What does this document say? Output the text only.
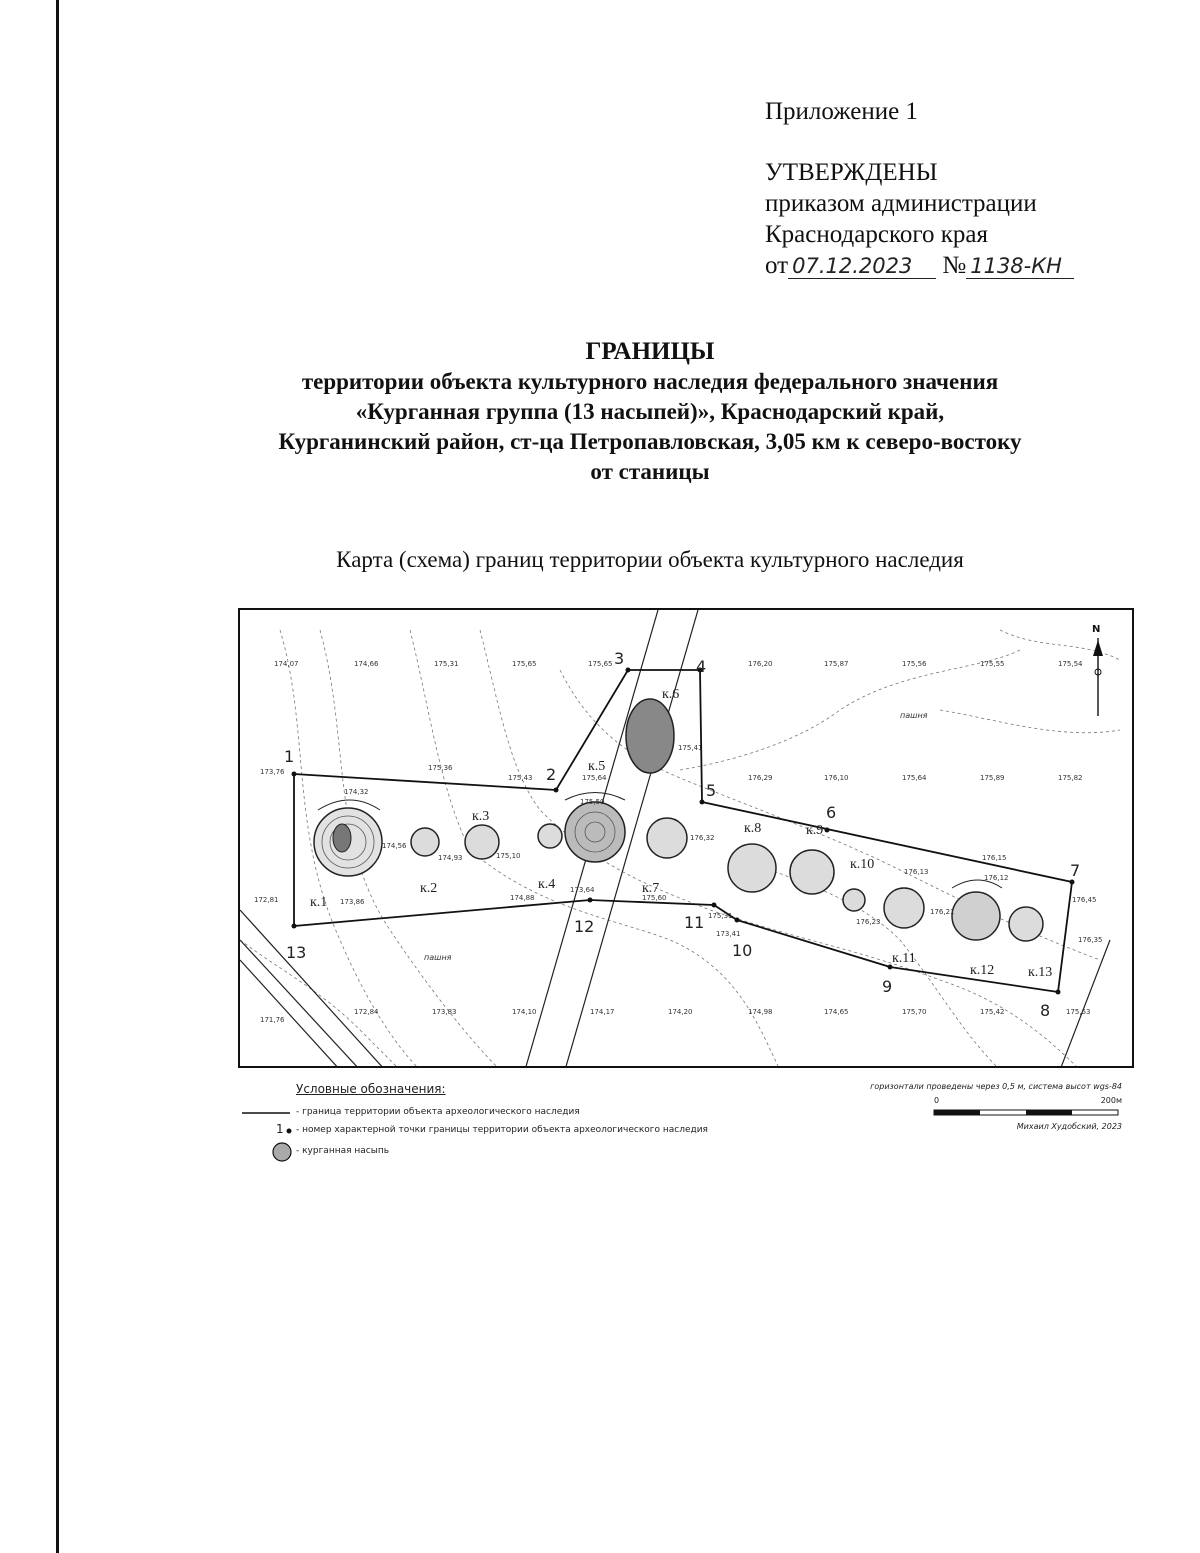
Приложение 1
УТВЕРЖДЕНЫ
приказом администрации
Краснодарского края
от 07.12.2023 № 1138-КН
ГРАНИЦЫ
территории объекта культурного наследия федерального значения
«Курганная группа (13 насыпей)», Краснодарский край,
Курганинский район, ст-ца Петропавловская, 3,05 км к северо-востоку
от станицы
Карта (схема) границ территории объекта культурного наследия
1
2
3	4
5
6
7
8
9
10
11
12
13
к.1
к.2
к.3
к.4
к.5
к.6
к.7
к.8	к.9
к.10
к.11
к.12 к.13
174,07	174,66	175,31	175,65	175,65	176,20	175,87	175,56	175,55	175,54
173,76	175,36
175,43	175,64
175,41
176,29	176,10	175,64	175,89	175,82
174,32
174,56
174,93	175,10
175,50
176,32
176,13
176,15
176,12
176,45
172,81	173,86	174,88
173,64
175,60
175,31
173,41
176,23
176,21
176,35
171,76
172,84	173,83	174,10	174,17	174,20	174,98	174,65	175,70	175,42	175,53
пашня
пашня
N
Условные обозначения:
- граница территории объекта археологического наследия
1 - номер характерной точки границы территории объекта археологического наследия
- курганная насыпь
горизонтали проведены через 0,5 м, система высот wgs-84
0	200м
Михаил Худобский, 2023
